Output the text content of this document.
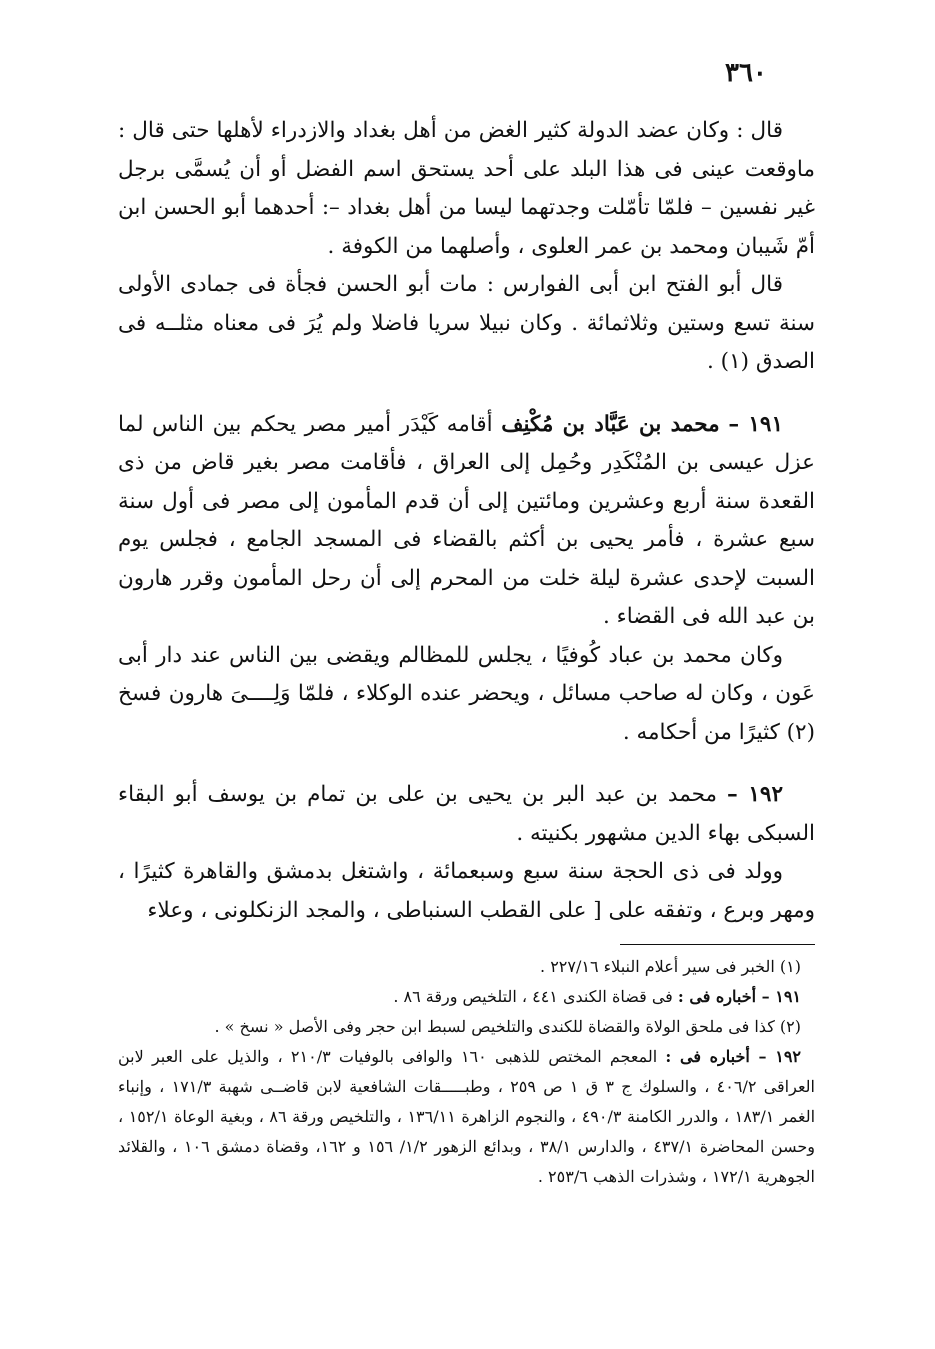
٣٦٠

قال : وكان عضد الدولة كثير الغض من أهل بغداد والازدراء لأهلها حتى قال : ماوقعت عينى فى هذا البلد على أحد يستحق اسم الفضل أو أن يُسمَّى برجل غير نفسين – فلمّا تأمّلت وجدتهما ليسا من أهل بغداد –: أحدهما أبو الحسن ابن أمّ شَيبان ومحمد بن عمر العلوى ، وأصلهما من الكوفة .

قال أبو الفتح ابن أبى الفوارس : مات أبو الحسن فجأة فى جمادى الأولى سنة تسع وستين وثلاثمائة . وكان نبيلا سريا فاضلا ولم يُرَ فى معناه مثلــه فى الصدق (١) .

١٩١ – محمد بن عَبَّاد بن مُكْنِف أقامه كَيْدَر أمير مصر يحكم بين الناس لما عزل عيسى بن المُنْكَدِر وحُمِل إلى العراق ، فأقامت مصر بغير قاض من ذى القعدة سنة أربع وعشرين ومائتين إلى أن قدم المأمون إلى مصر فى أول سنة سبع عشرة ، فأمر يحيى بن أكثم بالقضاء فى المسجد الجامع ، فجلس يوم السبت لإحدى عشرة ليلة خلت من المحرم إلى أن رحل المأمون وقرر هارون بن عبد الله فى القضاء .

وكان محمد بن عباد كُوفيًا ، يجلس للمظالم ويقضى بين الناس عند دار أبى عَون ، وكان له صاحب مسائل ، ويحضر عنده الوكلاء ، فلمّا وَلِــــىَ هارون فسخ (٢) كثيرًا من أحكامه .

١٩٢ – محمد بن عبد البر بن يحيى بن على بن تمام بن يوسف أبو البقاء السبكى بهاء الدين مشهور بكنيته .

وولد فى ذى الحجة سنة سبع وسبعمائة ، واشتغل بدمشق والقاهرة كثيرًا ، ومهر وبرع ، وتفقه على [ على القطب السنباطى ، والمجد الزنكلونى ، وعلاء

(١) الخبر فى سير أعلام النبلاء ٢٢٧/١٦ .

١٩١ – أخباره فى : فى قضاة الكندى ٤٤١ ، التلخيص ورقة ٨٦ .

(٢) كذا فى ملحق الولاة والقضاة للكندى والتلخيص لسبط ابن حجر وفى الأصل « نسخ » .

١٩٢ – أخباره فى : المعجم المختص للذهبى ١٦٠ والوافى بالوفيات ٢١٠/٣ ، والذيل على العبر لابن العراقى ٤٠٦/٢ ، والسلوك ج ٣ ق ١ ص ٢٥٩ ، وطبـــــقات الشافعية لابن قاضــى شهبة ١٧١/٣ ، وإنباء الغمر ١٨٣/١ ، والدرر الكامنة ٤٩٠/٣ ، والنجوم الزاهرة ١٣٦/١١ ، والتلخيص ورقة ٨٦ ، وبغية الوعاة ١٥٢/١ ، وحسن المحاضرة ٤٣٧/١ ، والدارس ٣٨/١ ، وبدائع الزهور ١/٢/ ١٥٦ و ١٦٢، وقضاة دمشق ١٠٦ ، والقلائد الجوهرية ١٧٢/١ ، وشذرات الذهب ٢٥٣/٦ .
